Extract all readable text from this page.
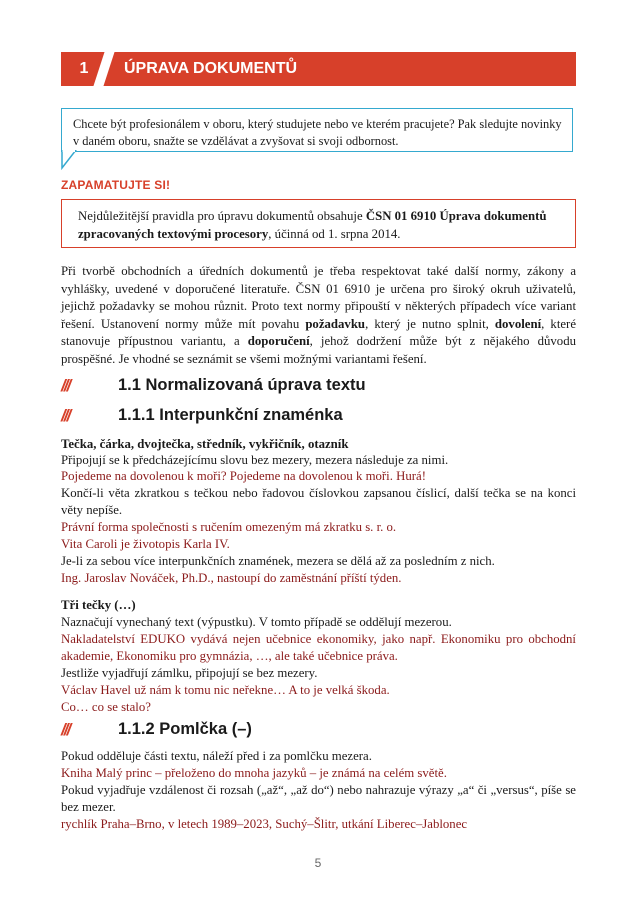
1	ÚPRAVA DOKUMENTŮ
Chcete být profesionálem v oboru, který studujete nebo ve kterém pracujete? Pak sledujte novinky v daném oboru, snažte se vzdělávat a zvyšovat si svoji odbornost.
ZAPAMATUJTE SI!
Nejdůležitější pravidla pro úpravu dokumentů obsahuje ČSN 01 6910 Úprava dokumentů zpracovaných textovými procesory, účinná od 1. srpna 2014.

Při tvorbě obchodních a úředních dokumentů je třeba respektovat také další normy, zákony a vyhlášky, uvedené v doporučené literatuře. ČSN 01 6910 je určena pro široký okruh uživatelů, jejichž požadavky se mohou různit. Proto text normy připouští v některých případech více variant řešení. Ustanovení normy může mít povahu požadavku, který je nutno splnit, dovolení, které stanovuje přípustnou variantu, a doporučení, jehož dodržení může být z nějakého důvodu prospěšné. Je vhodné se seznámit se všemi možnými variantami řešení.

///	1.1 Normalizovaná úprava textu
///	1.1.1 Interpunkční znaménka
Tečka, čárka, dvojtečka, středník, vykřičník, otazník
Připojují se k předcházejícímu slovu bez mezery, mezera následuje za nimi.
Pojedeme na dovolenou k moři? Pojedeme na dovolenou k moři. Hurá!
Končí-li věta zkratkou s tečkou nebo řadovou číslovkou zapsanou číslicí, další tečka se na konci věty nepíše.
Právní forma společnosti s ručením omezeným má zkratku s. r. o.
Vita Caroli je životopis Karla IV.
Je-li za sebou více interpunkčních znamének, mezera se dělá až za posledním z nich.
Ing. Jaroslav Nováček, Ph.D., nastoupí do zaměstnání příští týden.
Tři tečky (…)
Naznačují vynechaný text (výpustku). V tomto případě se oddělují mezerou.
Nakladatelství EDUKO vydává nejen učebnice ekonomiky, jako např. Ekonomiku pro obchodní akademie, Ekonomiku pro gymnázia, …, ale také učebnice práva.
Jestliže vyjadřují zámlku, připojují se bez mezery.
Václav Havel už nám k tomu nic neřekne… A to je velká škoda.
Co… co se stalo?
///	1.1.2 Pomlčka (–)
Pokud odděluje části textu, náleží před i za pomlčku mezera.
Kniha Malý princ – přeloženo do mnoha jazyků – je známá na celém světě.
Pokud vyjadřuje vzdálenost či rozsah („až“, „až do“) nebo nahrazuje výrazy „a“ či „versus“, píše se bez mezer.
rychlík Praha–Brno, v letech 1989–2023, Suchý–Šlitr, utkání Liberec–Jablonec
5
